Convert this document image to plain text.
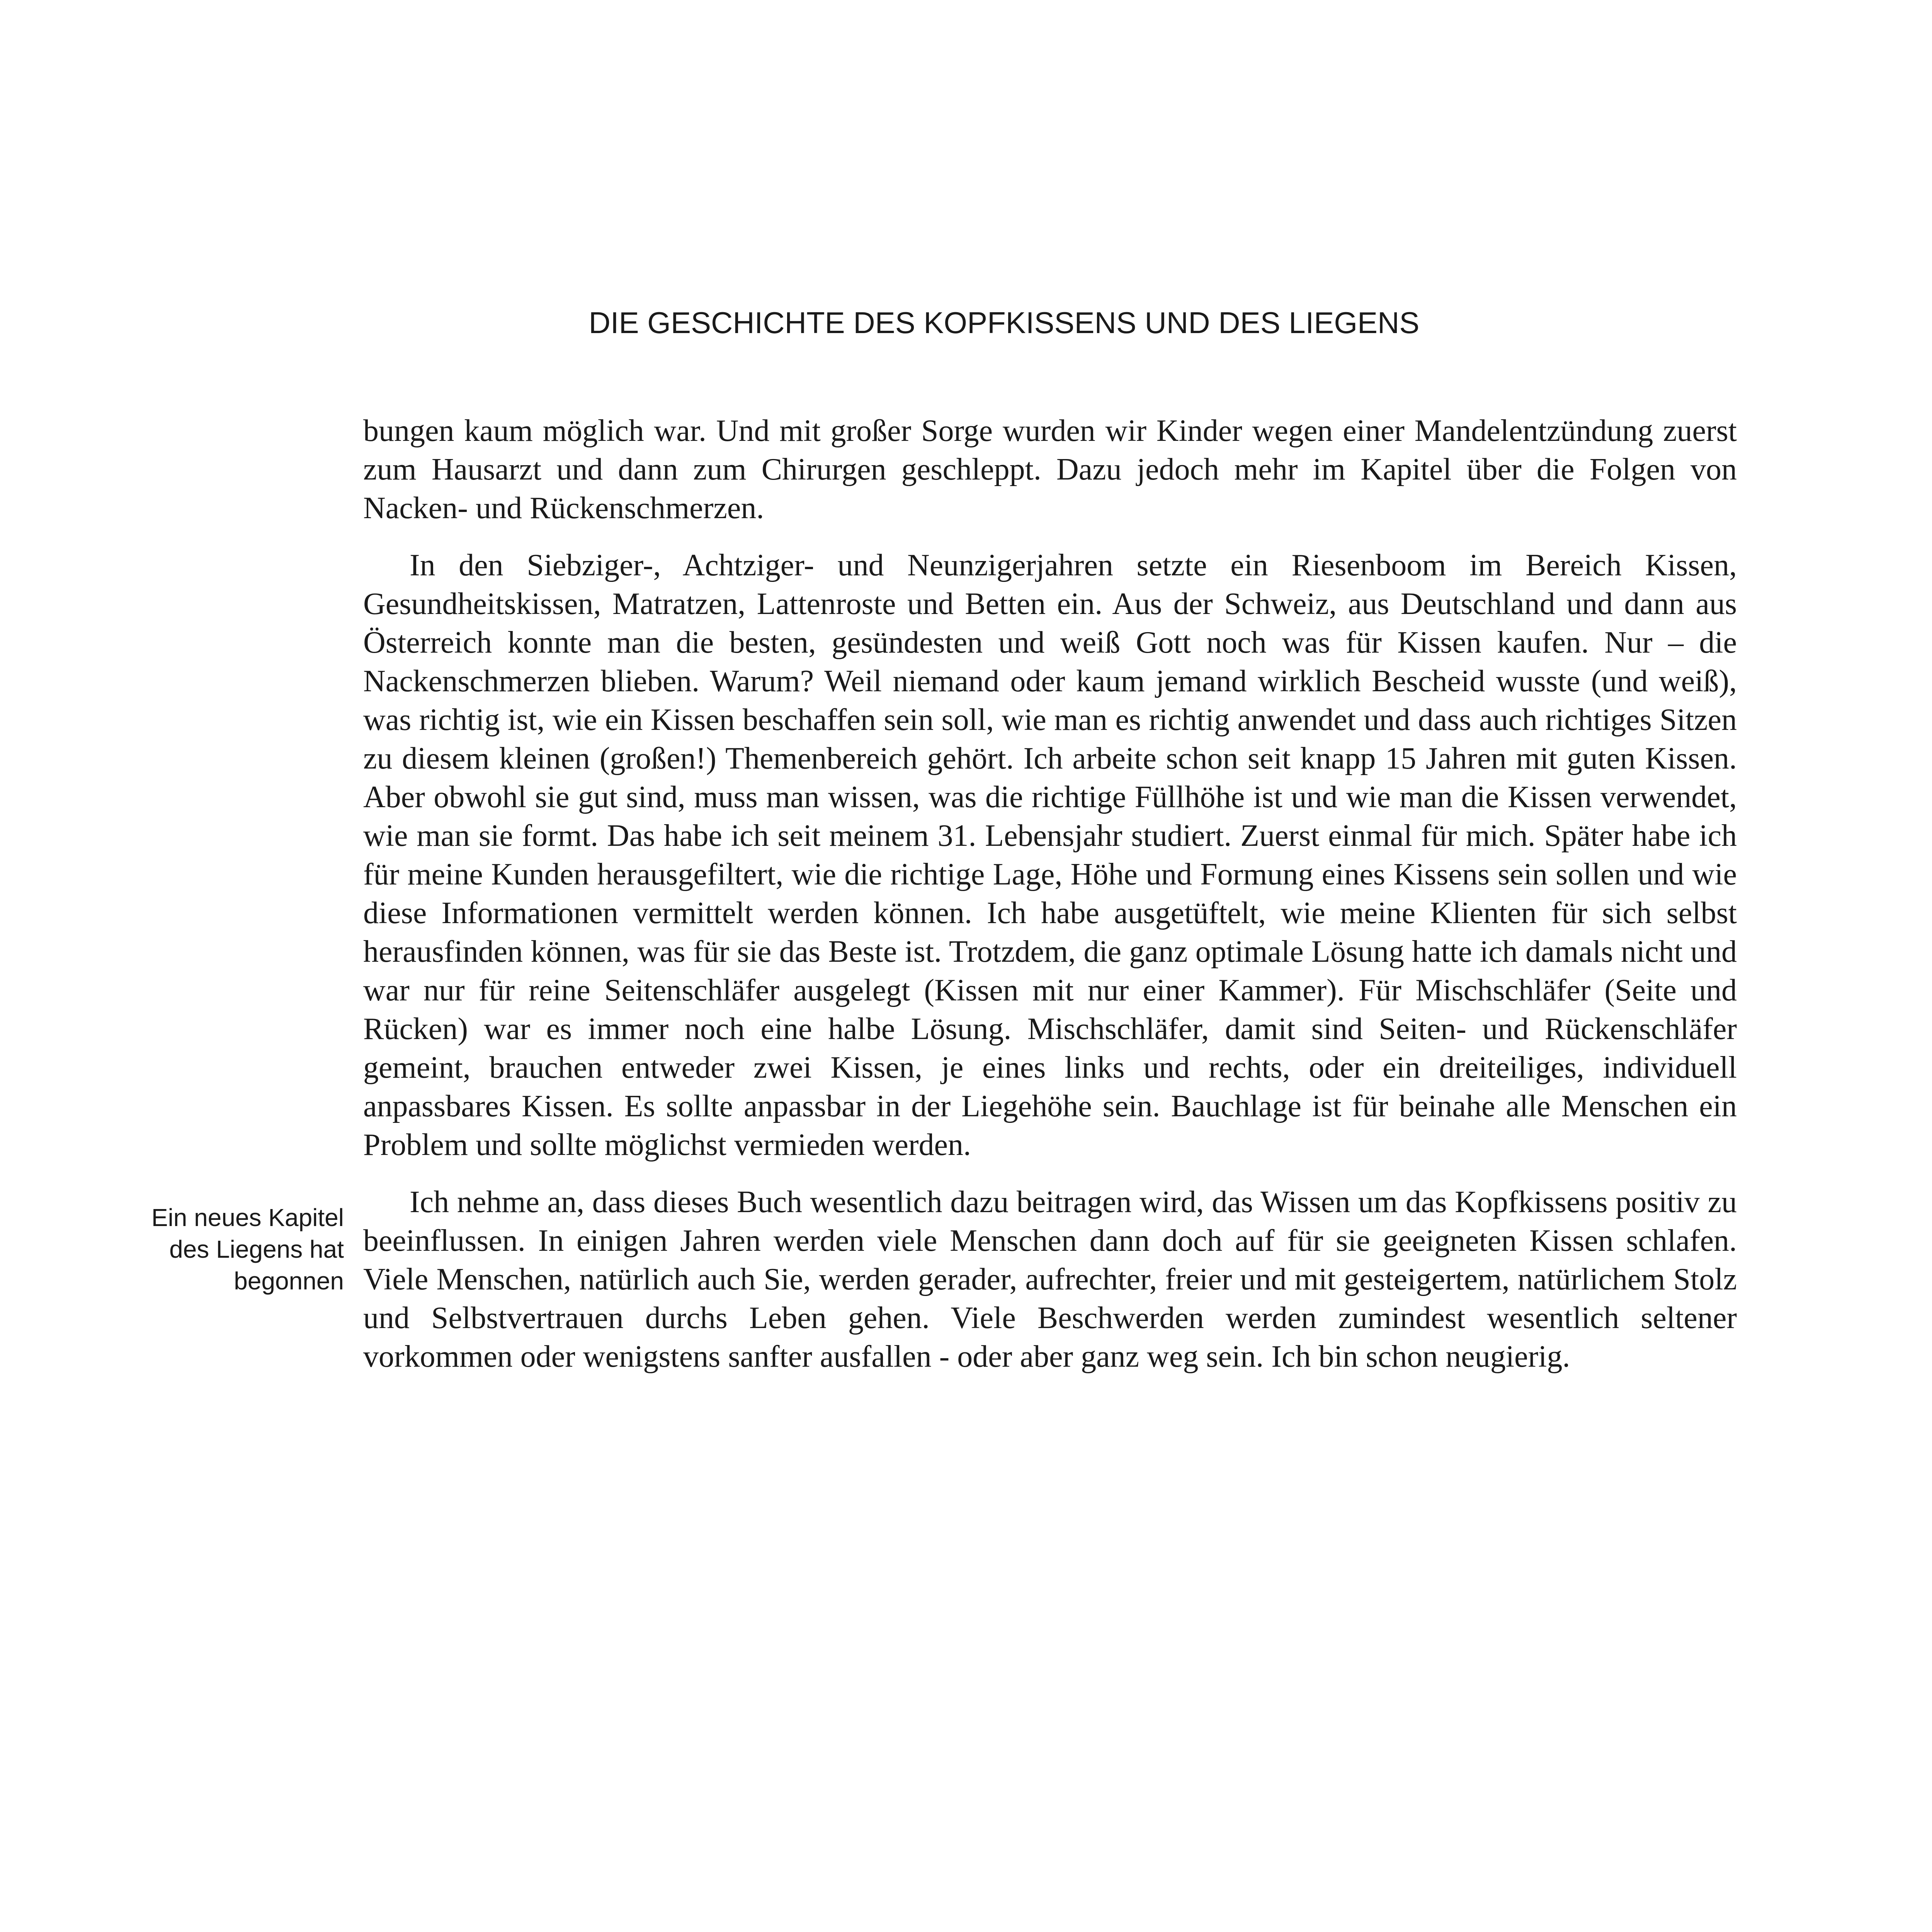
DIE GESCHICHTE DES KOPFKISSENS UND DES LIEGENS

bungen kaum möglich war. Und mit großer Sorge wurden wir Kinder wegen einer Mandelentzündung zuerst zum Hausarzt und dann zum Chirurgen geschleppt. Dazu jedoch mehr im Kapitel über die Folgen von Nacken- und Rückenschmerzen.

In den Siebziger-, Achtziger- und Neunzigerjahren setzte ein Riesenboom im Bereich Kissen, Gesundheitskissen, Matratzen, Lattenroste und Betten ein. Aus der Schweiz, aus Deutschland und dann aus Österreich konnte man die besten, gesündesten und weiß Gott noch was für Kissen kaufen. Nur – die Nackenschmerzen blieben. Warum? Weil niemand oder kaum jemand wirklich Bescheid wusste (und weiß), was richtig ist, wie ein Kissen beschaffen sein soll, wie man es richtig anwendet und dass auch richtiges Sitzen zu diesem kleinen (großen!) Themenbereich gehört. Ich arbeite schon seit knapp 15 Jahren mit guten Kissen. Aber obwohl sie gut sind, muss man wissen, was die richtige Füllhöhe ist und wie man die Kissen verwendet, wie man sie formt. Das habe ich seit meinem 31. Lebensjahr studiert. Zuerst einmal für mich. Später habe ich für meine Kunden herausgefiltert, wie die richtige Lage, Höhe und Formung eines Kissens sein sollen und wie diese Informationen vermittelt werden können. Ich habe ausgetüftelt, wie meine Klienten für sich selbst herausfinden können, was für sie das Beste ist. Trotzdem, die ganz optimale Lösung hatte ich damals nicht und war nur für reine Seitenschläfer ausgelegt (Kissen mit nur einer Kammer). Für Mischschläfer (Seite und Rücken) war es immer noch eine halbe Lösung. Mischschläfer, damit sind Seiten- und Rückenschläfer gemeint, brauchen entweder zwei Kissen, je eines links und rechts, oder ein dreiteiliges, individuell anpassbares Kissen. Es sollte anpassbar in der Liegehöhe sein. Bauchlage ist für beinahe alle Menschen ein Problem und sollte möglichst vermieden werden.

Ich nehme an, dass dieses Buch wesentlich dazu beitragen wird, das Wissen um das Kopfkissens positiv zu beeinflussen. In einigen Jahren werden viele Menschen dann doch auf für sie geeigneten Kissen schlafen. Viele Menschen, natürlich auch Sie, werden gerader, aufrechter, freier und mit gesteigertem, natürlichem Stolz und Selbstvertrauen durchs Leben gehen. Viele Beschwerden werden zumindest wesentlich seltener vorkommen oder wenigstens sanfter ausfallen - oder aber ganz weg sein. Ich bin schon neugierig.

Ein neues Kapitel
des Liegens hat
begonnen
